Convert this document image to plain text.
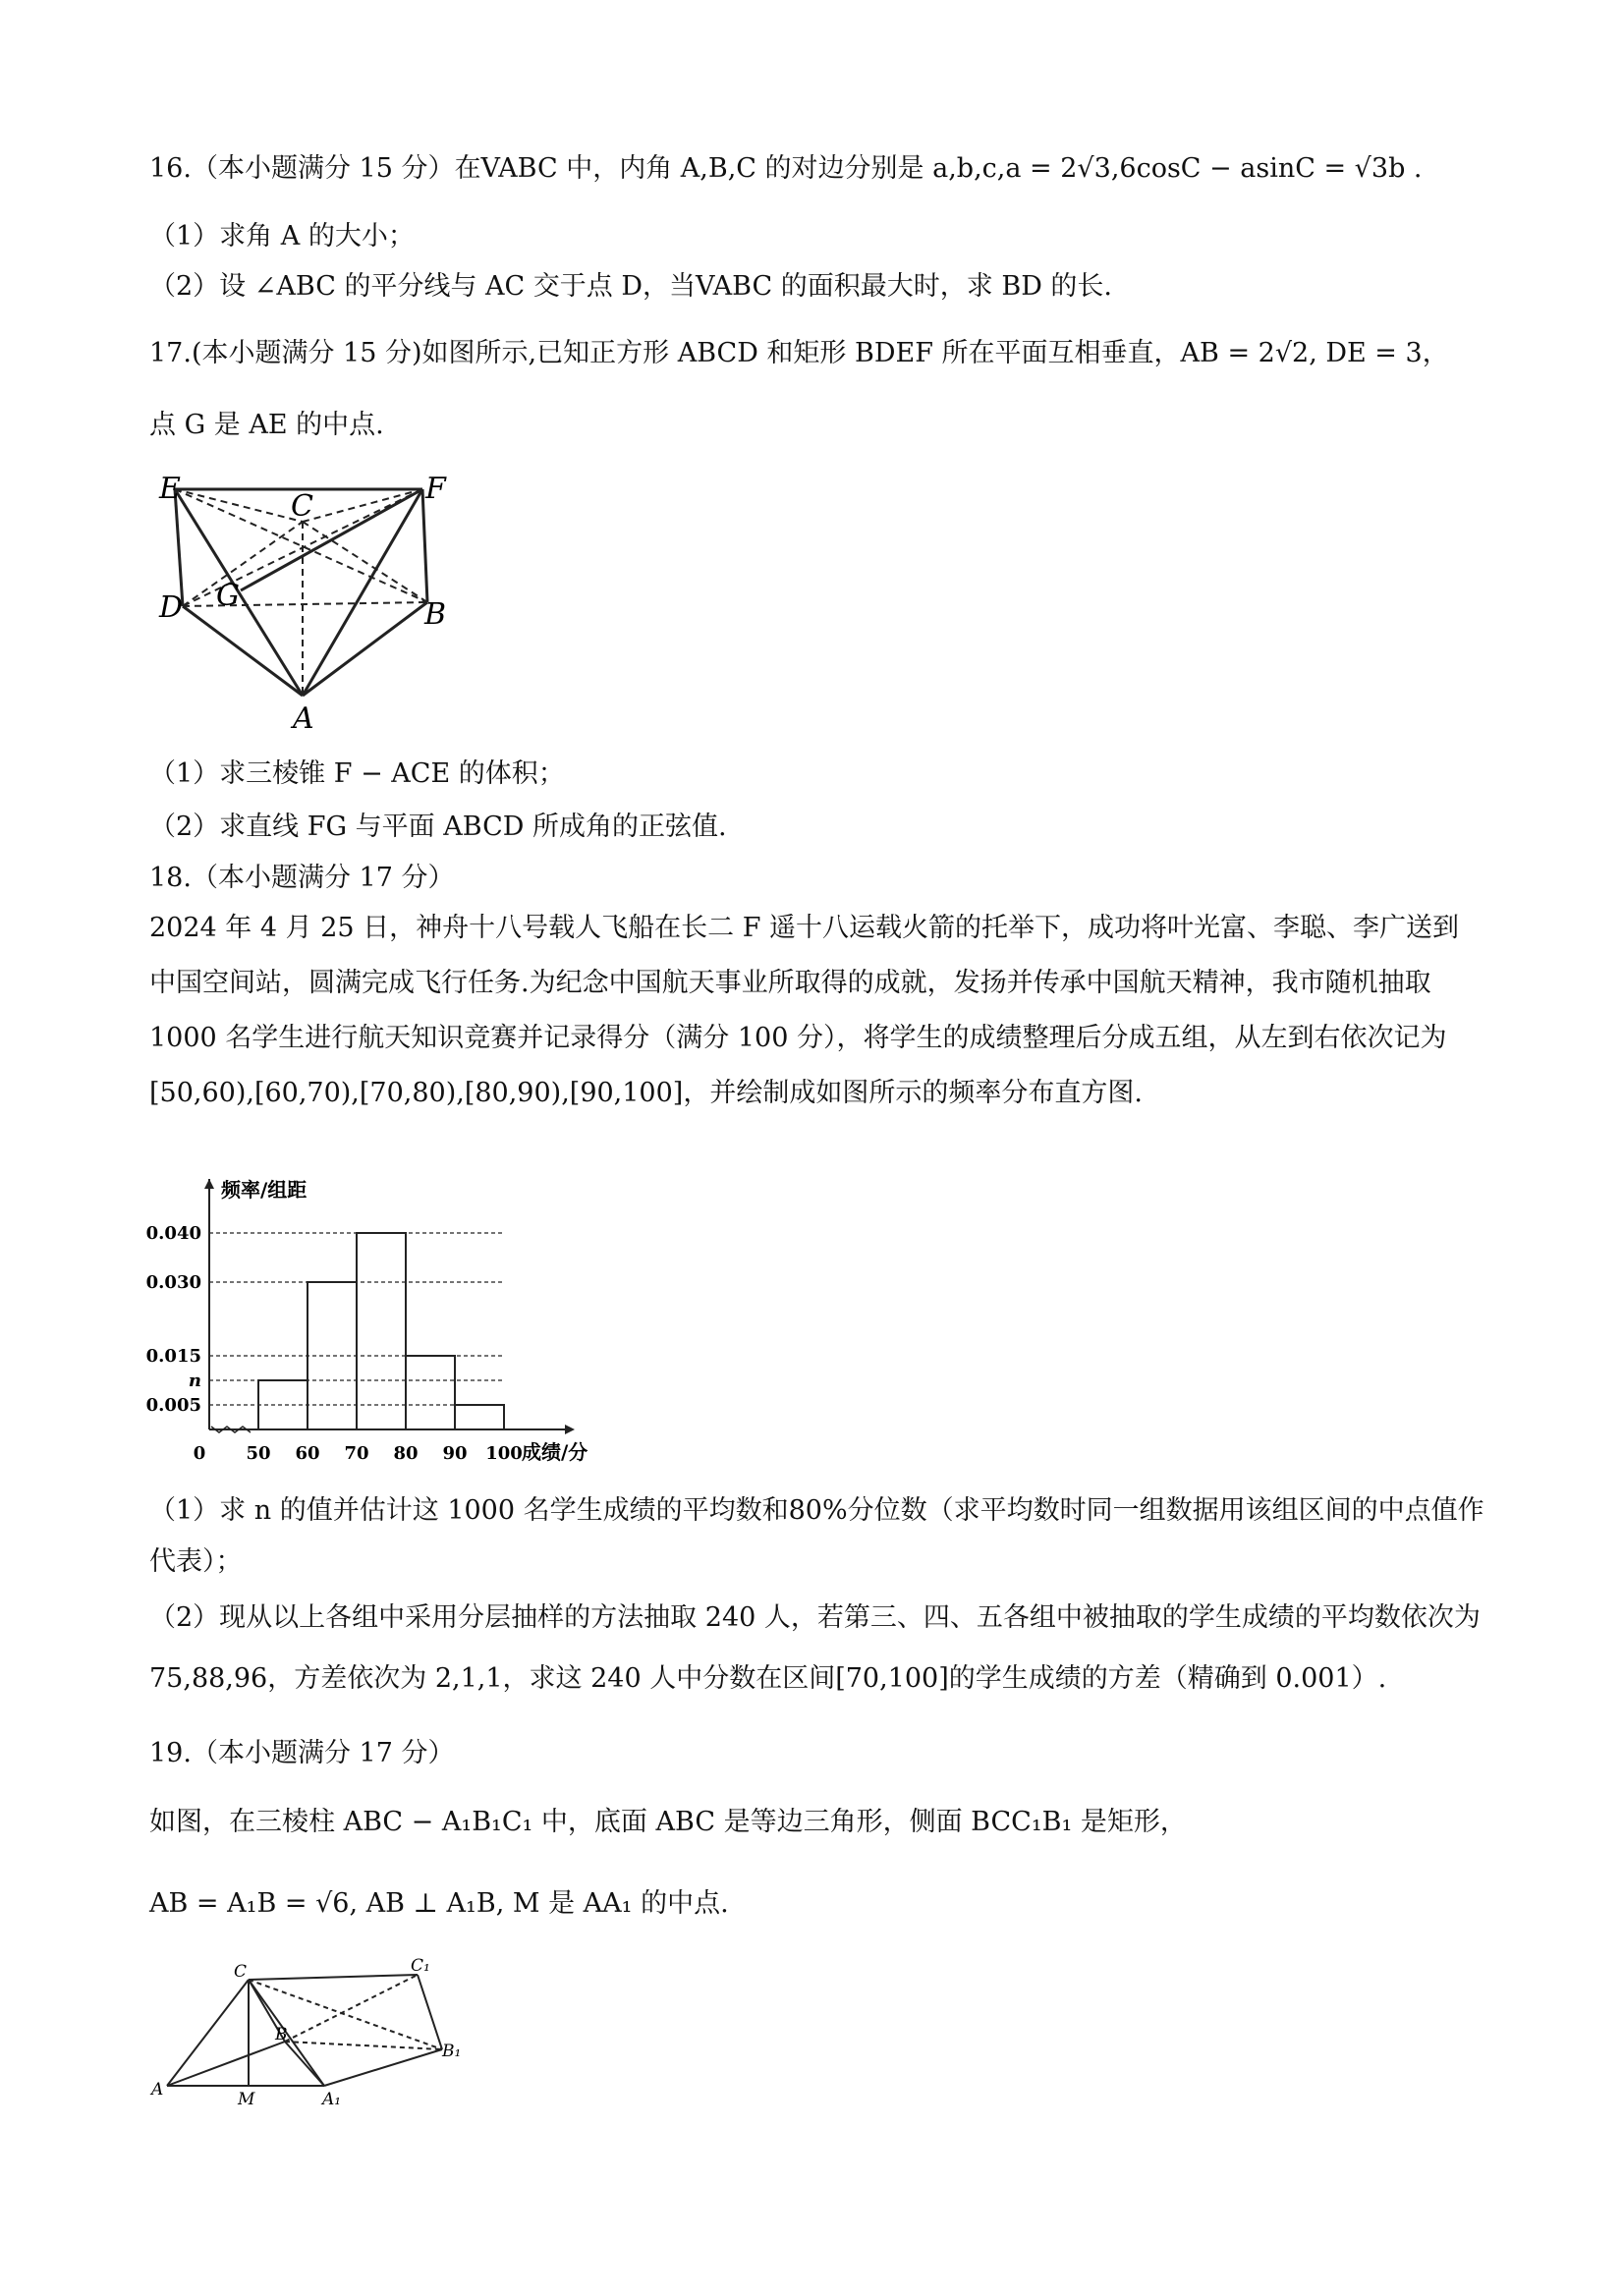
16.（本小题满分 15 分）在VABC 中，内角 A,B,C 的对边分别是 a,b,c,a = 2√3,6cosC − asinC = √3b .
（1）求角 A 的大小；
（2）设 ∠ABC 的平分线与 AC 交于点 D，当VABC 的面积最大时，求 BD 的长.
17.(本小题满分 15 分)如图所示,已知正方形 ABCD 和矩形 BDEF 所在平面互相垂直，AB = 2√2, DE = 3，
点 G 是 AE 的中点.
E
C
F
D G
B
A
（1）求三棱锥 F − ACE 的体积；
（2）求直线 FG 与平面 ABCD 所成角的正弦值.
18.（本小题满分 17 分）
2024 年 4 月 25 日，神舟十八号载人飞船在长二 F 遥十八运载火箭的托举下，成功将叶光富、李聪、李广送到中国空间站，圆满完成飞行任务.为纪念中国航天事业所取得的成就，发扬并传承中国航天精神，我市随机抽取 1000 名学生进行航天知识竞赛并记录得分（满分 100 分），将学生的成绩整理后分成五组，从左到右依次记为[50,60),[60,70),[70,80),[80,90),[90,100]，并绘制成如图所示的频率分布直方图.
0.040
0.030
0.015
n
0.005
0 50 60 70 80 90 100
频率/组距
成绩/分
（1）求 n 的值并估计这 1000 名学生成绩的平均数和80%分位数（求平均数时同一组数据用该组区间的中点值作代表）；
（2）现从以上各组中采用分层抽样的方法抽取 240 人，若第三、四、五各组中被抽取的学生成绩的平均数依次为 75,88,96，方差依次为 2,1,1，求这 240 人中分数在区间[70,100]的学生成绩的方差（精确到 0.001）.
19.（本小题满分 17 分）
如图，在三棱柱 ABC − A₁B₁C₁ 中，底面 ABC 是等边三角形，侧面 BCC₁B₁ 是矩形，
AB = A₁B = √6, AB ⊥ A₁B, M 是 AA₁ 的中点.
C	C₁
B
B₁
A	M	A₁
